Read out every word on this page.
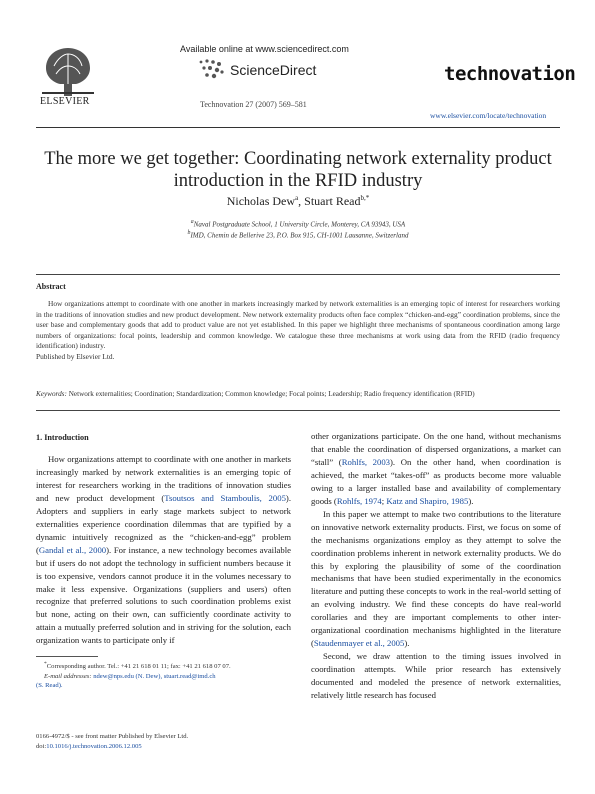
ELSEVIER
Available online at www.sciencedirect.com
ScienceDirect
Technovation 27 (2007) 569–581
technovation
www.elsevier.com/locate/technovation
The more we get together: Coordinating network externality product
introduction in the RFID industry
Nicholas Dew$^a$, Stuart Read$^{b,*}$
$^a$Naval Postgraduate School, 1 University Circle, Monterey, CA 93943, USA
$^b$IMD, Chemin de Bellerive 23, P.O. Box 915, CH-1001 Lausanne, Switzerland
Abstract
How organizations attempt to coordinate with one another in markets increasingly marked by network externalities is an emerging topic of interest for researchers working in the traditions of innovation studies and new product development. New network externality products often face complex “chicken-and-egg” coordination problems, since the user base and complementary goods that add to product value are not yet established. In this paper we highlight three mechanisms of spontaneous coordination among large numbers of organizations: focal points, leadership and common knowledge. We catalogue these three mechanisms at work using data from the RFID (radio frequency identification) industry.
Published by Elsevier Ltd.
Keywords: Network externalities; Coordination; Standardization; Common knowledge; Focal points; Leadership; Radio frequency identification (RFID)
1. Introduction

How organizations attempt to coordinate with one another in markets increasingly marked by network externalities is an emerging topic of interest for researchers working in the traditions of innovation studies and new product development (Tsoutsos and Stamboulis, 2005). Adopters and suppliers in early stage markets subject to network externalities experience coordination dilemmas that are typified by a dynamic intuitively recognized as the “chicken-and-egg” problem (Gandal et al., 2000). For instance, a new technology becomes available but if users do not adopt the technology in sufficient numbers because it is too expensive, vendors cannot produce it in the volumes necessary to make it less expensive. Organizations (suppliers and users) often recognize that preferred solutions to such coordination problems exist but none, acting on their own, can sufficiently coordinate activity to attain a mutually preferred solution and in striving for the solution, each organization wants to participate only if

other organizations participate. On the one hand, without mechanisms that enable the coordination of dispersed organizations, a market can “stall” (Rohlfs, 2003). On the other hand, when coordination is achieved, the market “takes-off” as products become more valuable owing to a larger installed base and availability of complementary goods (Rohlfs, 1974; Katz and Shapiro, 1985).

In this paper we attempt to make two contributions to the literature on innovative network externality products. First, we focus on some of the mechanisms organizations employ as they attempt to solve the coordination problems inherent in network externality products. We do this by exploring the plausibility of some of the coordination mechanisms that have been studied experimentally in the economics literature and putting these concepts to work in the real-world setting of an evolving industry. We find these concepts do have real-world corollaries and they are important complements to other inter-organizational coordination mechanisms highlighted in the literature (Staudenmayer et al., 2005).

Second, we draw attention to the timing issues involved in coordination attempts. While prior research has extensively documented and modeled the presence of network externalities, relatively little research has focused

*Corresponding author. Tel.: +41 21 618 01 11; fax: +41 21 618 07 07.
E-mail addresses: ndew@nps.edu (N. Dew), stuart.read@imd.ch
(S. Read).
0166-4972/$ - see front matter Published by Elsevier Ltd.
doi:10.1016/j.technovation.2006.12.005
